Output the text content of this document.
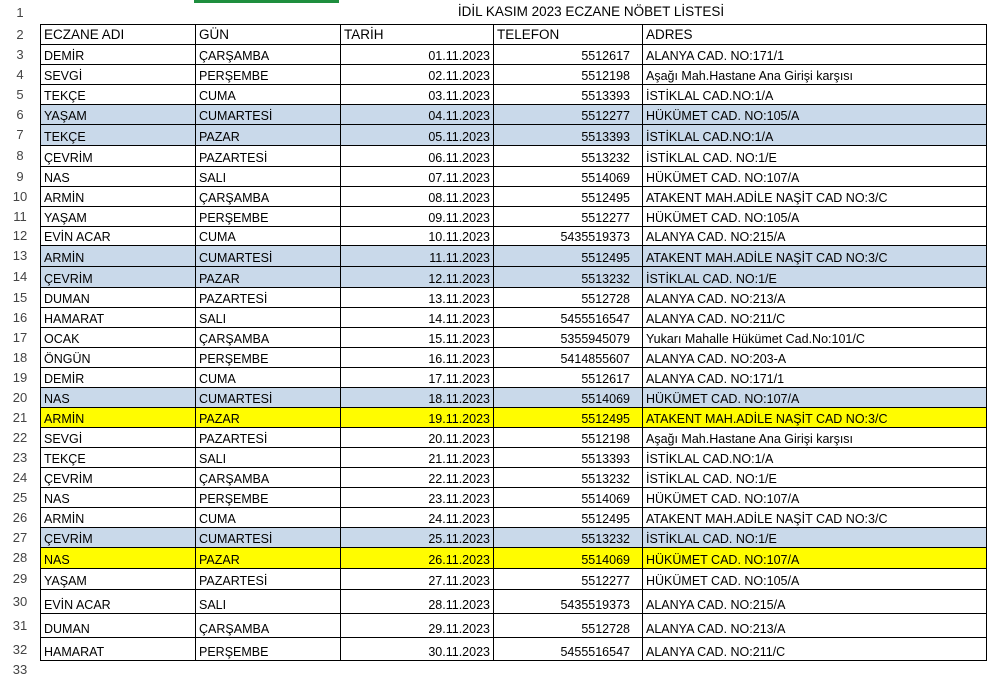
1	İDİL KASIM 2023 ECZANE NÖBET LİSTESİ
2	ECZANE ADI	GÜN	TARİH	TELEFON	ADRES
3	DEMİR	ÇARŞAMBA	01.11.2023	5512617	ALANYA CAD. NO:171/1
4	SEVGİ	PERŞEMBE	02.11.2023	5512198	Aşağı Mah.Hastane Ana Girişi karşısı
5	TEKÇE	CUMA	03.11.2023	5513393	İSTİKLAL CAD.NO:1/A
6	YAŞAM	CUMARTESİ	04.11.2023	5512277	HÜKÜMET CAD. NO:105/A
7	TEKÇE	PAZAR	05.11.2023	5513393	İSTİKLAL CAD.NO:1/A
8	ÇEVRİM	PAZARTESİ	06.11.2023	5513232	İSTİKLAL CAD. NO:1/E
9	NAS	SALI	07.11.2023	5514069	HÜKÜMET CAD. NO:107/A
10	ARMİN	ÇARŞAMBA	08.11.2023	5512495	ATAKENT MAH.ADİLE NAŞİT CAD NO:3/C
11	YAŞAM	PERŞEMBE	09.11.2023	5512277	HÜKÜMET CAD. NO:105/A
12	EVİN ACAR	CUMA	10.11.2023	5435519373	ALANYA CAD. NO:215/A
13	ARMİN	CUMARTESİ	11.11.2023	5512495	ATAKENT MAH.ADİLE NAŞİT CAD NO:3/C
14	ÇEVRİM	PAZAR	12.11.2023	5513232	İSTİKLAL CAD. NO:1/E
15	DUMAN	PAZARTESİ	13.11.2023	5512728	ALANYA CAD. NO:213/A
16	HAMARAT	SALI	14.11.2023	5455516547	ALANYA CAD. NO:211/C
17	OCAK	ÇARŞAMBA	15.11.2023	5355945079	Yukarı Mahalle Hükümet Cad.No:101/C
18	ÖNGÜN	PERŞEMBE	16.11.2023	5414855607	ALANYA CAD. NO:203-A
19	DEMİR	CUMA	17.11.2023	5512617	ALANYA CAD. NO:171/1
20	NAS	CUMARTESİ	18.11.2023	5514069	HÜKÜMET CAD. NO:107/A
21	ARMİN	PAZAR	19.11.2023	5512495	ATAKENT MAH.ADİLE NAŞİT CAD NO:3/C
22	SEVGİ	PAZARTESİ	20.11.2023	5512198	Aşağı Mah.Hastane Ana Girişi karşısı
23	TEKÇE	SALI	21.11.2023	5513393	İSTİKLAL CAD.NO:1/A
24	ÇEVRİM	ÇARŞAMBA	22.11.2023	5513232	İSTİKLAL CAD. NO:1/E
25	NAS	PERŞEMBE	23.11.2023	5514069	HÜKÜMET CAD. NO:107/A
26	ARMİN	CUMA	24.11.2023	5512495	ATAKENT MAH.ADİLE NAŞİT CAD NO:3/C
27	ÇEVRİM	CUMARTESİ	25.11.2023	5513232	İSTİKLAL CAD. NO:1/E
28	NAS	PAZAR	26.11.2023	5514069	HÜKÜMET CAD. NO:107/A
29	YAŞAM	PAZARTESİ	27.11.2023	5512277	HÜKÜMET CAD. NO:105/A
30	EVİN ACAR	SALI	28.11.2023	5435519373	ALANYA CAD. NO:215/A
31	DUMAN	ÇARŞAMBA	29.11.2023	5512728	ALANYA CAD. NO:213/A
32	HAMARAT	PERŞEMBE	30.11.2023	5455516547	ALANYA CAD. NO:211/C
33
